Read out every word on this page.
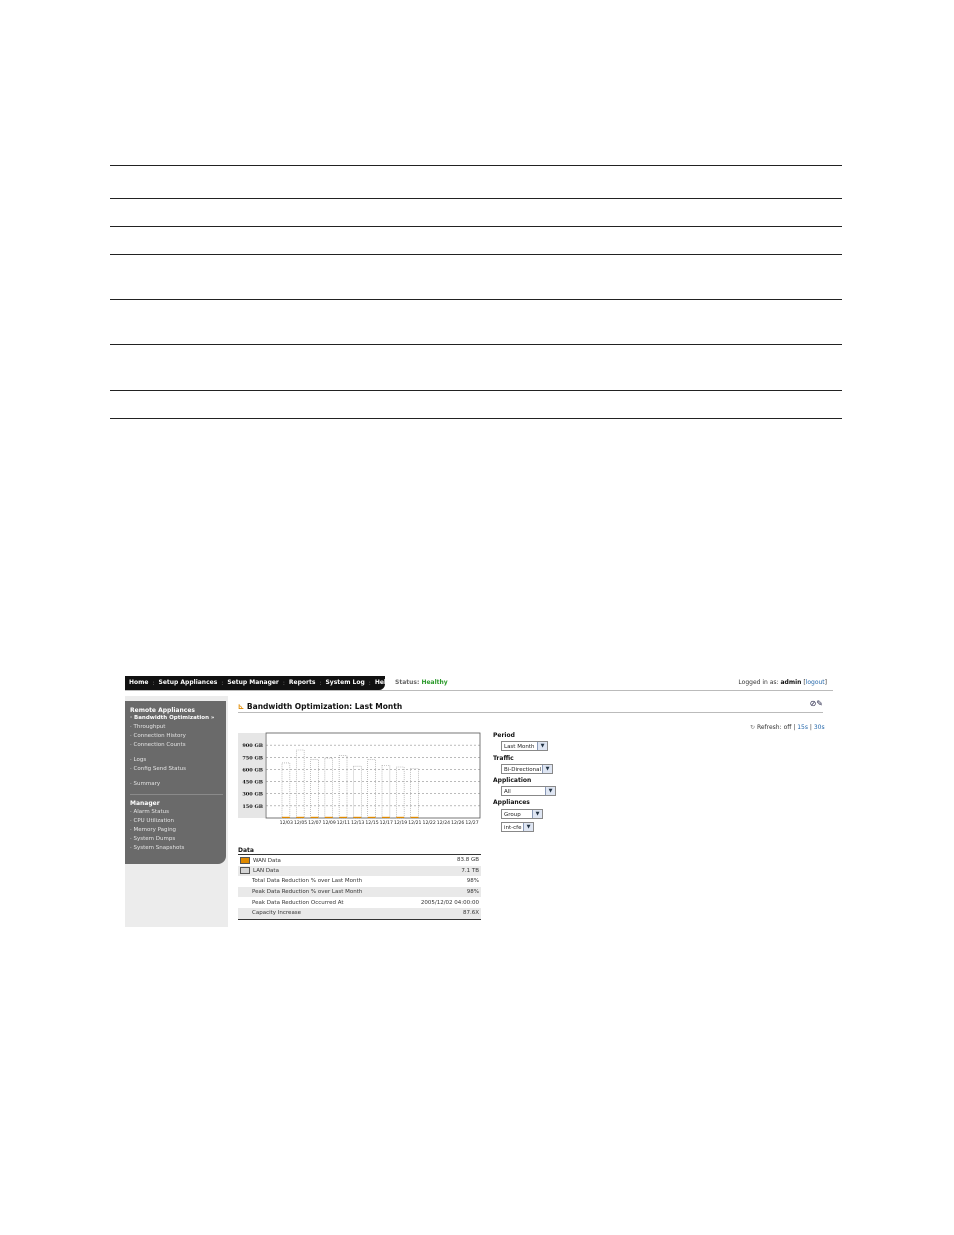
Home : Setup Appliances : Setup Manager : Reports : System Log : Help Status: Healthy	Logged in as: admin [logout]
Remote Appliances
· Bandwidth Optimization »
· Throughput
· Connection History
· Connection Counts
· Logs
· Config Send Status
· Summary
Manager
· Alarm Status
· CPU Utilization
· Memory Paging
· System Dumps
· System Snapshots
⊾ Bandwidth Optimization: Last Month	⊘✎
↻ Refresh: off | 15s | 30s
150 GB
300 GB
450 GB
600 GB
750 GB
900 GB
12/03 12/05 12/07 12/09 12/11 12/13 12/15 12/17 12/19 12/21 12/22 12/24 12/26 12/27
Period
Last Month	▼
Traffic
Bi-Directional ▼
Application
All	▼
Appliances
Group	▼
int-cfe	▼
Data
WAN Data	83.8 GB
LAN Data	7.1 TB
Total Data Reduction % over Last Month	98%
Peak Data Reduction % over Last Month	98%
Peak Data Reduction Occurred At	2005/12/02 04:00:00
Capacity Increase	87.6X
